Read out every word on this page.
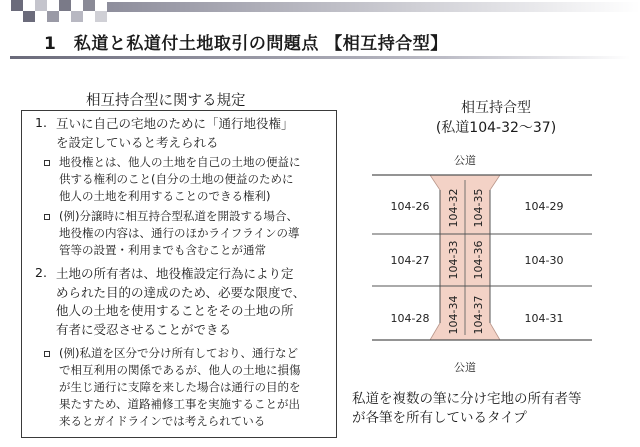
1　私道と私道付土地取引の問題点 【相互持合型】
相互持合型に関する規定
1. 互いに自己の宅地のために「通行地役権」
を設定していると考えられる
地役権とは、他人の土地を自己の土地の便益に
供する権利のこと(自分の土地の便益のために
他人の土地を利用することのできる権利)
(例)分譲時に相互持合型私道を開設する場合、
地役権の内容は、通行のほかライフラインの導
管等の設置・利用までも含むことが通常
2. 土地の所有者は、地役権設定行為により定
められた目的の達成のため、必要な限度で、
他人の土地を使用することをその土地の所
有者に受忍させることができる
(例)私道を区分で分け所有しており、通行など
で相互利用の関係であるが、他人の土地に損傷
が生じ通行に支障を来した場合は通行の目的を
果たすため、道路補修工事を実施することが出
来るとガイドラインでは考えられている
相互持合型
(私道104-32～37)
公道
公道
104-26
104-27
104-28
104-29
104-30
104-31
104-32
104-33
104-34
104-35
104-36
104-37
私道を複数の筆に分け宅地の所有者等
が各筆を所有しているタイプ
